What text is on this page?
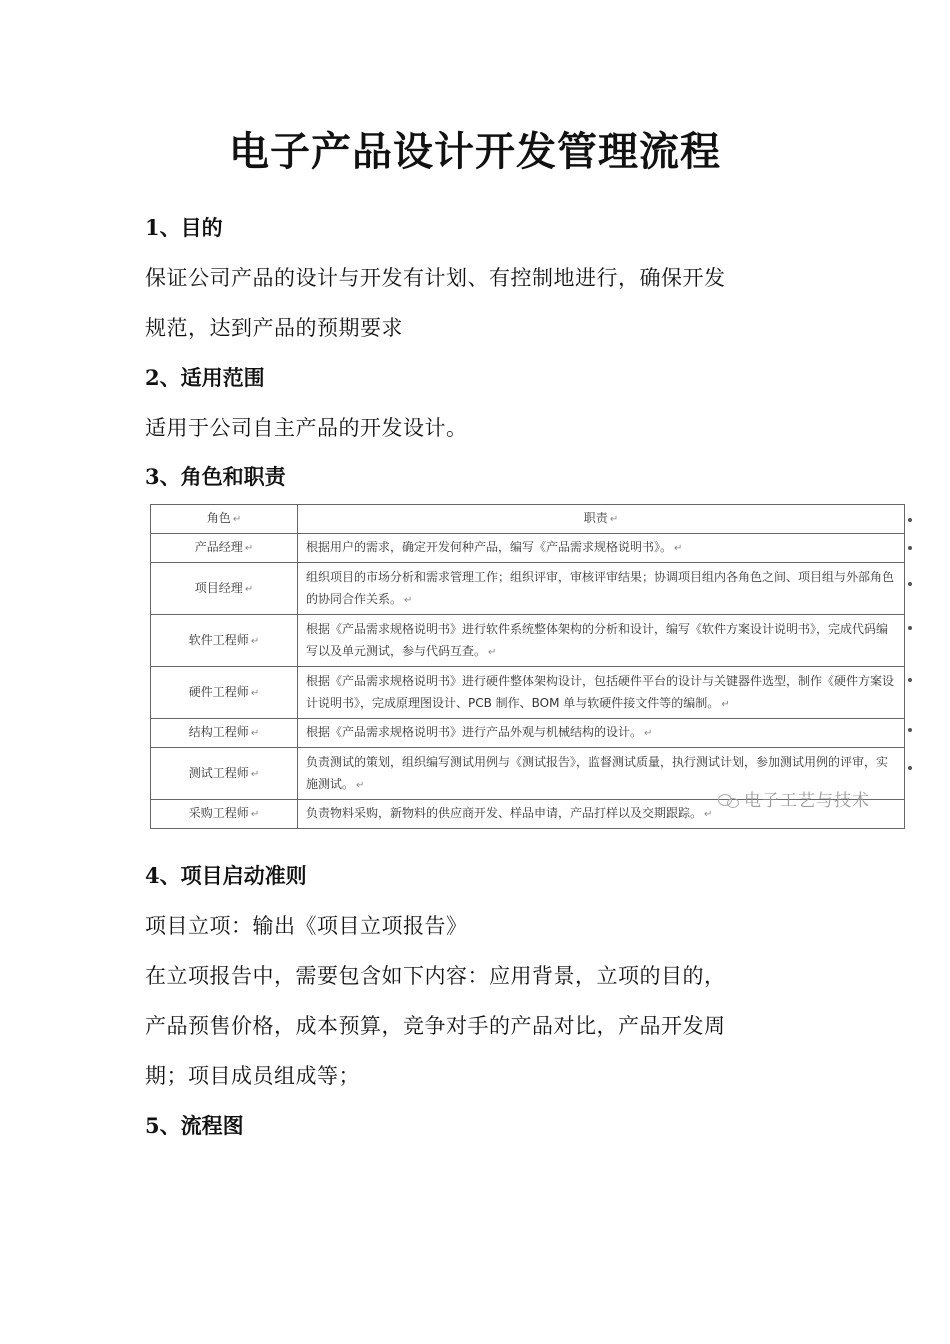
电子产品设计开发管理流程
1、目的

保证公司产品的设计与开发有计划、有控制地进行，确保开发

规范，达到产品的预期要求

2、适用范围

适用于公司自主产品的开发设计。

3、角色和职责
角色 ↵	职责 ↵
产品经理 ↵	根据用户的需求，确定开发何种产品，编写《产品需求规格说明书》。 ↵
项目经理 ↵	组织项目的市场分析和需求管理工作；组织评审，审核评审结果；协调项目组内各角色之间、项目组与外部角色的协同合作关系。 ↵
软件工程师 ↵	根据《产品需求规格说明书》进行软件系统整体架构的分析和设计，编写《软件方案设计说明书》，完成代码编写以及单元测试，参与代码互查。 ↵
硬件工程师 ↵	根据《产品需求规格说明书》进行硬件整体架构设计，包括硬件平台的设计与关键器件选型，制作《硬件方案设计说明书》，完成原理图设计、PCB 制作、BOM 单与软硬件接文件等的编制。 ↵
结构工程师 ↵	根据《产品需求规格说明书》进行产品外观与机械结构的设计。 ↵
测试工程师 ↵	负责测试的策划，组织编写测试用例与《测试报告》，监督测试质量，执行测试计划，参加测试用例的评审，实施测试。 ↵
采购工程师 ↵	负责物料采购，新物料的供应商开发、样品申请，产品打样以及交期跟踪。 ↵
电子工艺与技术
4、项目启动准则

项目立项：输出《项目立项报告》

在立项报告中，需要包含如下内容：应用背景，立项的目的，

产品预售价格，成本预算，竞争对手的产品对比，产品开发周

期；项目成员组成等；

5、流程图
